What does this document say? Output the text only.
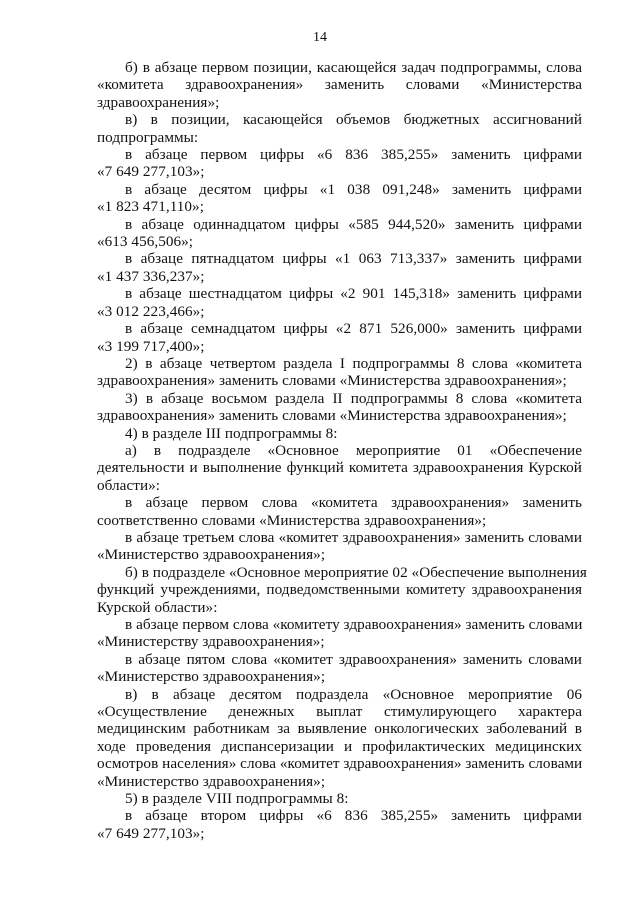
14
б) в абзаце первом позиции, касающейся задач подпрограммы, слова
«комитета здравоохранения» заменить словами «Министерства
здравоохранения»;
в) в позиции, касающейся объемов бюджетных ассигнований
подпрограммы:
в абзаце первом цифры «6 836 385,255» заменить цифрами
«7 649 277,103»;
в абзаце десятом цифры «1 038 091,248» заменить цифрами
«1 823 471,110»;
в абзаце одиннадцатом цифры «585 944,520» заменить цифрами
«613 456,506»;
в абзаце пятнадцатом цифры «1 063 713,337» заменить цифрами
«1 437 336,237»;
в абзаце шестнадцатом цифры «2 901 145,318» заменить цифрами
«3 012 223,466»;
в абзаце семнадцатом цифры «2 871 526,000» заменить цифрами
«3 199 717,400»;
2) в абзаце четвертом раздела I подпрограммы 8 слова «комитета
здравоохранения» заменить словами «Министерства здравоохранения»;
3) в абзаце восьмом раздела II подпрограммы 8 слова «комитета
здравоохранения» заменить словами «Министерства здравоохранения»;
4) в разделе III подпрограммы 8:
а) в подразделе «Основное мероприятие 01 «Обеспечение
деятельности и выполнение функций комитета здравоохранения Курской
области»:
в абзаце первом слова «комитета здравоохранения» заменить
соответственно словами «Министерства здравоохранения»;
в абзаце третьем слова «комитет здравоохранения» заменить словами
«Министерство здравоохранения»;
б) в подразделе «Основное мероприятие 02 «Обеспечение выполнения
функций учреждениями, подведомственными комитету здравоохранения
Курской области»:
в абзаце первом слова «комитету здравоохранения» заменить словами
«Министерству здравоохранения»;
в абзаце пятом слова «комитет здравоохранения» заменить словами
«Министерство здравоохранения»;
в) в абзаце десятом подраздела «Основное мероприятие 06
«Осуществление денежных выплат стимулирующего характера
медицинским работникам за выявление онкологических заболеваний в
ходе проведения диспансеризации и профилактических медицинских
осмотров населения» слова «комитет здравоохранения» заменить словами
«Министерство здравоохранения»;
5) в разделе VIII подпрограммы 8:
в абзаце втором цифры «6 836 385,255» заменить цифрами
«7 649 277,103»;
